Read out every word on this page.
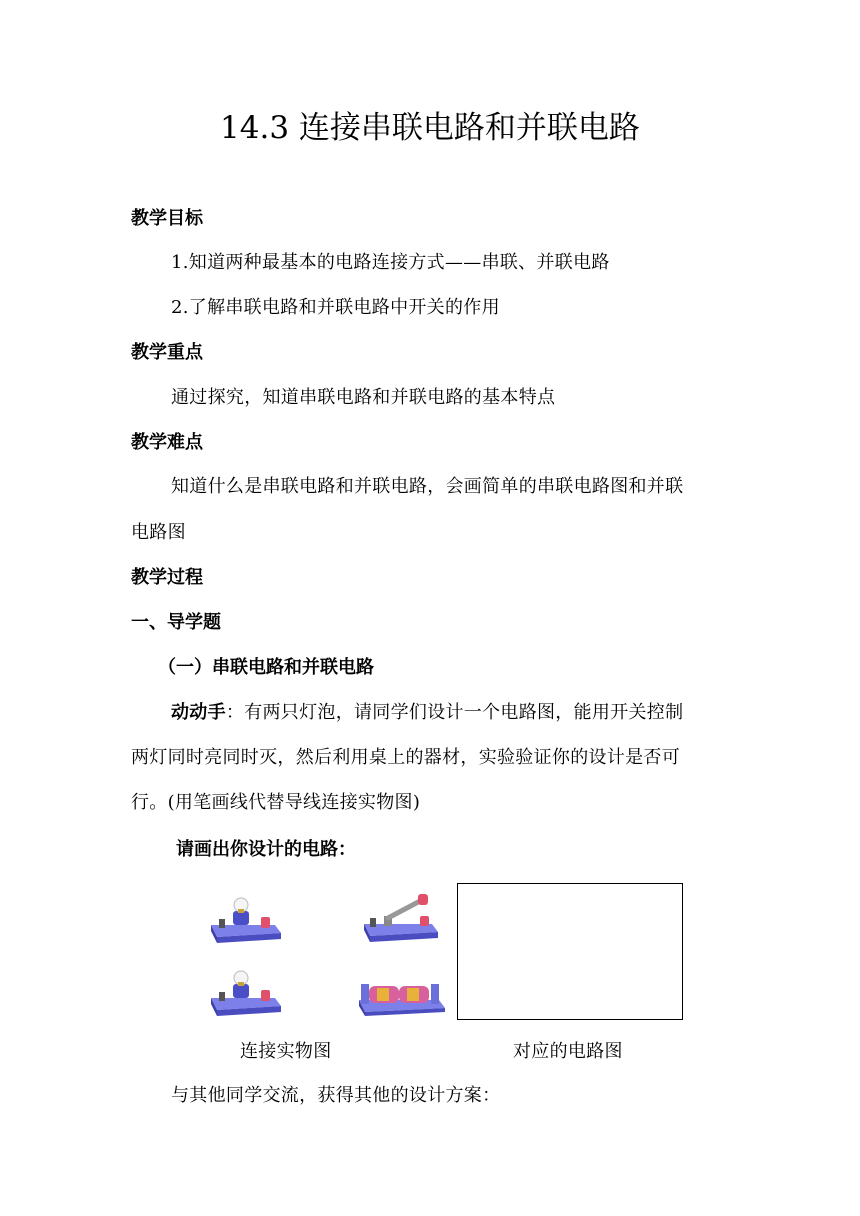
14.3 连接串联电路和并联电路
教学目标
1.知道两种最基本的电路连接方式——串联、并联电路
2.了解串联电路和并联电路中开关的作用
教学重点
通过探究，知道串联电路和并联电路的基本特点
教学难点
知道什么是串联电路和并联电路，会画简单的串联电路图和并联
电路图
教学过程
一、导学题
（一）串联电路和并联电路
动动手：有两只灯泡，请同学们设计一个电路图，能用开关控制
两灯同时亮同时灭，然后利用桌上的器材，实验验证你的设计是否可
行。(用笔画线代替导线连接实物图)
请画出你设计的电路：
连接实物图	对应的电路图
与其他同学交流，获得其他的设计方案：
